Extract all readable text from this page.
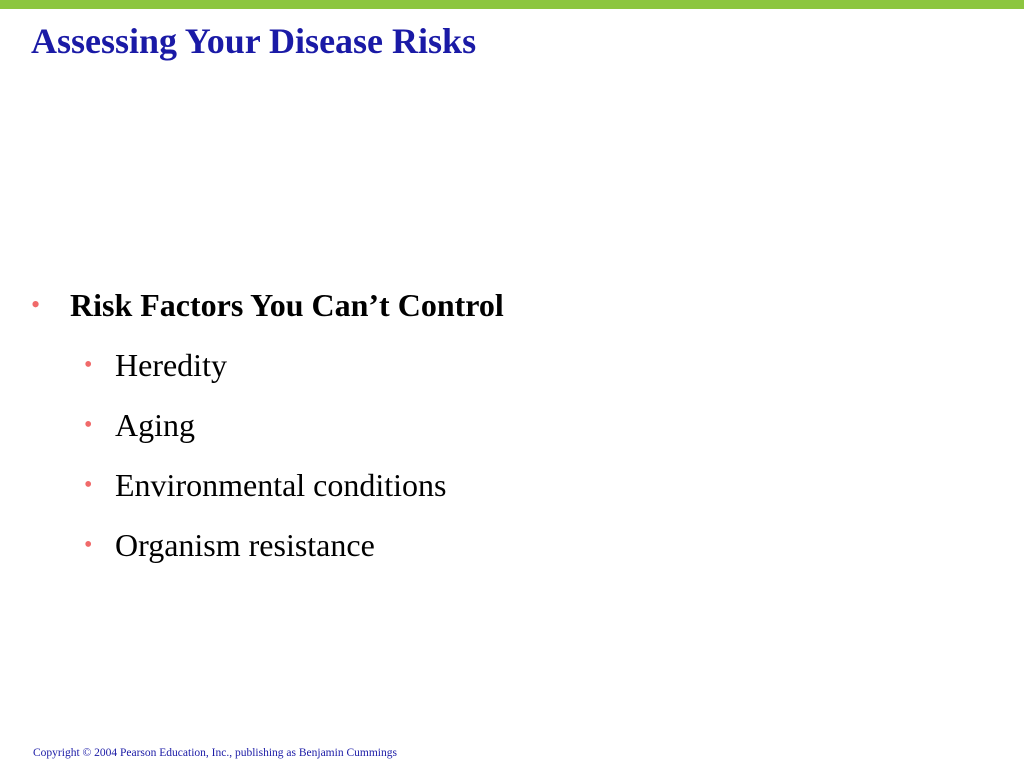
Assessing Your Disease Risks
• Risk Factors You Can’t Control
• Heredity
• Aging
• Environmental conditions
• Organism resistance
Copyright © 2004 Pearson Education, Inc., publishing as Benjamin Cummings
